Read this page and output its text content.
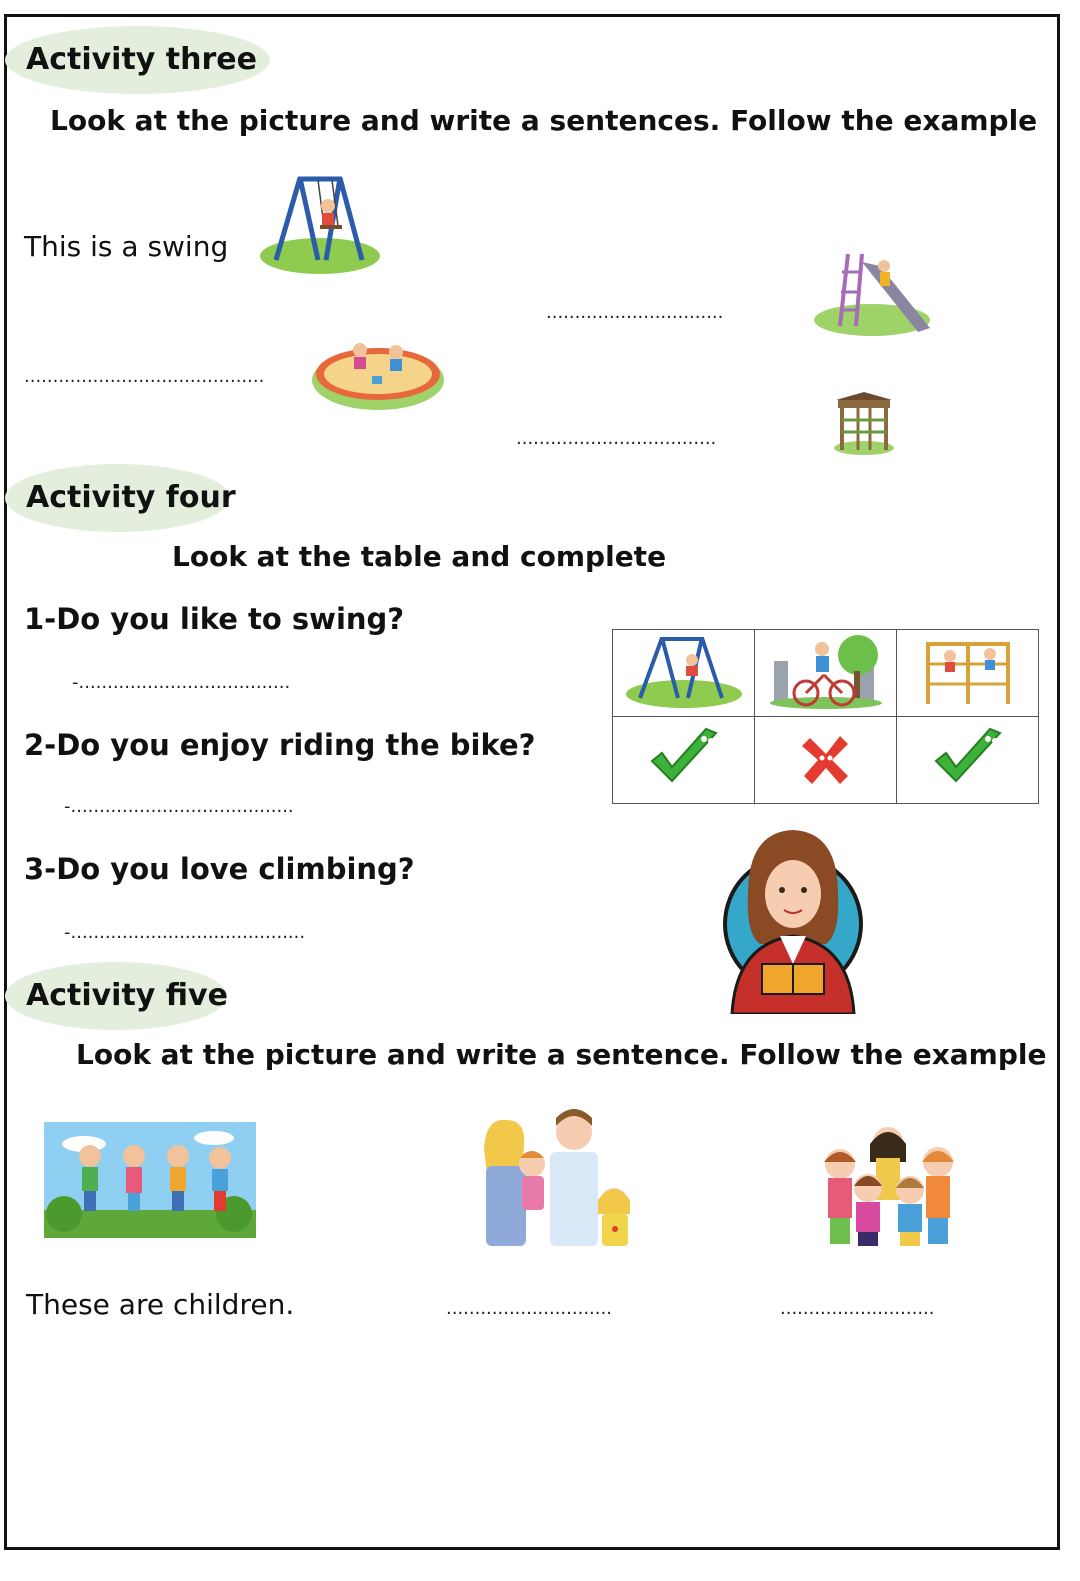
Activity three
Look at the picture and write a sentences. Follow the example
This is a swing
...............................
..........................................
...................................
Activity four
Look at the table and complete
1-Do you like to swing?
-.....................................
2-Do you enjoy riding the bike?
-.......................................
3-Do you love climbing?
-.........................................

Activity five
Look at the picture and write a sentence. Follow the example
These are children.	.............................	...........................
